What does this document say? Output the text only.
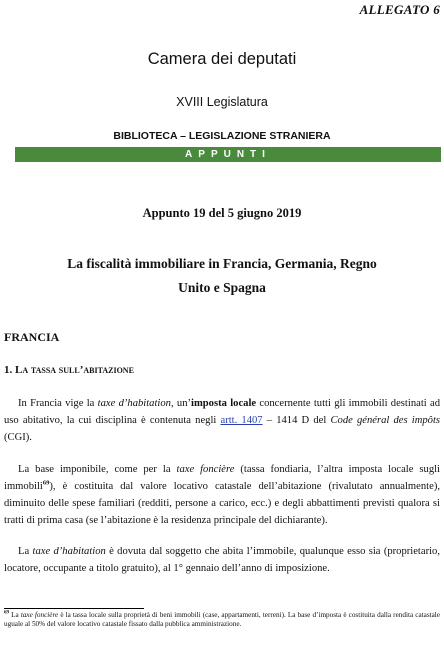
ALLEGATO 6
Camera dei deputati
XVIII Legislatura
BIBLIOTECA – LEGISLAZIONE STRANIERA
APPUNTI
Appunto 19 del 5 giugno 2019
La fiscalità immobiliare in Francia, Germania, Regno
Unito e Spagna
FRANCIA
1. La tassa sull’abitazione

In Francia vige la taxe d’habitation, un’imposta locale concernente tutti gli immobili destinati ad uso abitativo, la cui disciplina è contenuta negli artt. 1407 – 1414 D del Code général des impôts (CGI).

La base imponibile, come per la taxe foncière (tassa fondiaria, l’altra imposta locale sugli immobili$^{69}$), è costituita dal valore locativo catastale dell’abitazione (rivalutato annualmente), diminuito delle spese familiari (redditi, persone a carico, ecc.) e degli abbattimenti previsti qualora si tratti di prima casa (se l’abitazione è la residenza principale del dichiarante).

La taxe d’habitation è dovuta dal soggetto che abita l’immobile, qualunque esso sia (proprietario, locatore, occupante a titolo gratuito), al 1° gennaio dell’anno di imposizione.

$^{69}$ La taxe foncière è la tassa locale sulla proprietà di beni immobili (case, appartamenti, terreni). La base d’imposta è costituita dalla rendita catastale uguale al 50% del valore locativo catastale fissato dalla pubblica amministrazione.
